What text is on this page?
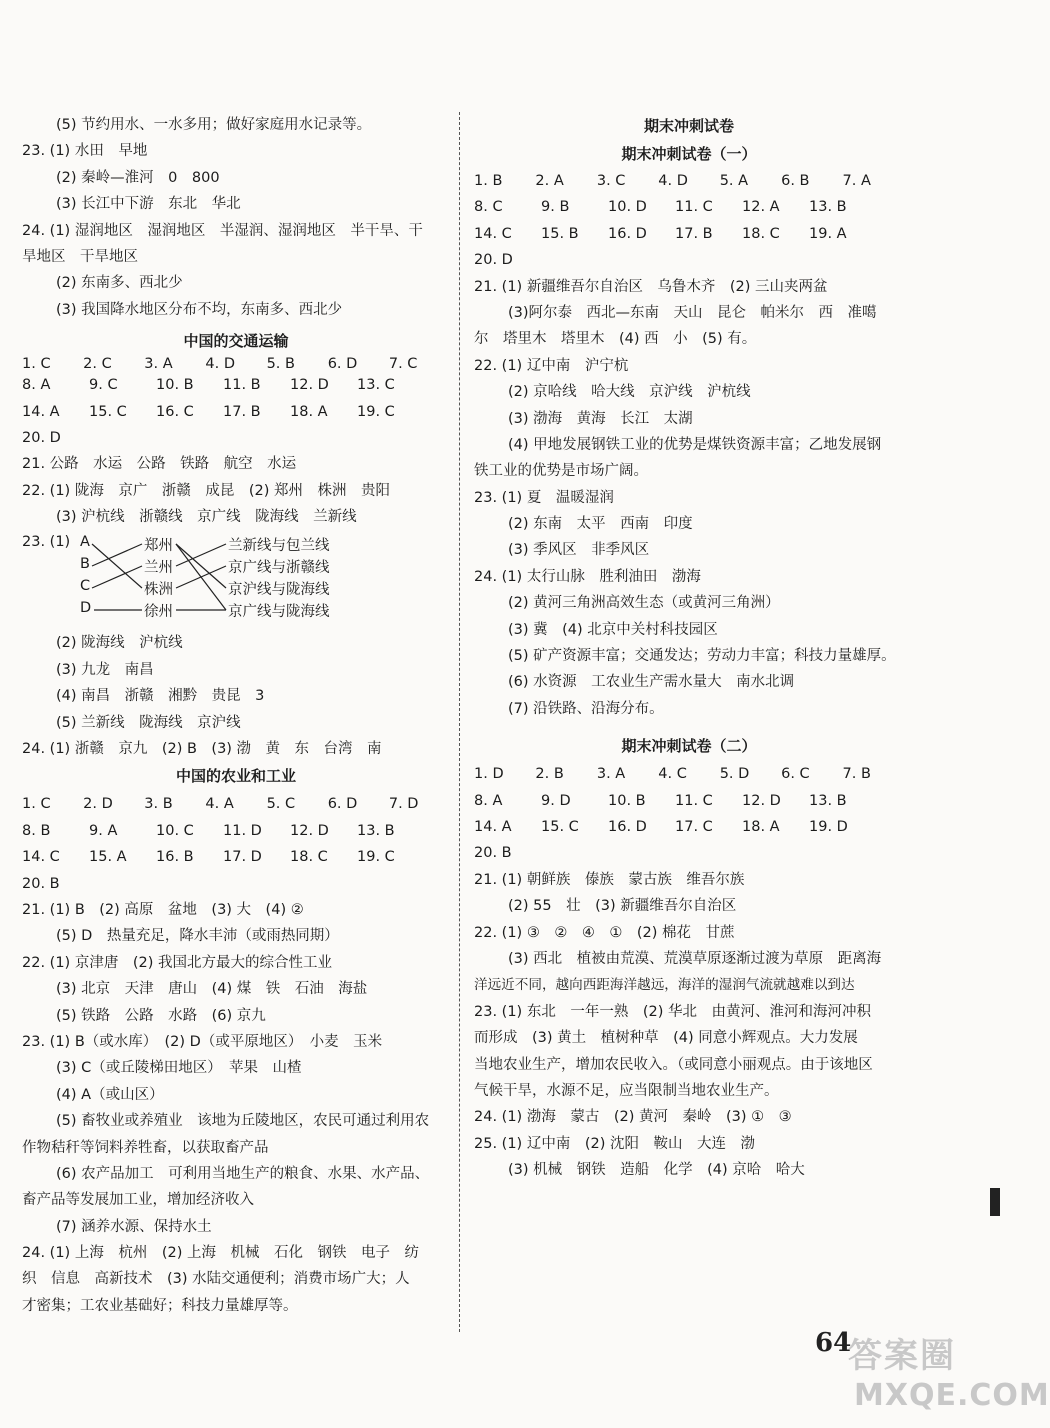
(5) 节约用水、一水多用；做好家庭用水记录等。
23. (1) 水田　早地
(2) 秦岭—淮河　0　800
(3) 长江中下游　东北　华北
24. (1) 湿润地区　湿润地区　半湿润、湿润地区　半干旱、干
旱地区　干旱地区
(2) 东南多、西北少
(3) 我国降水地区分布不均，东南多、西北少
中国的交通运输
1. C	2. C	3. A	4. D	5. B	6. D	7. C
8. A	9. C	10. B	11. B	12. D	13. C
14. A	15. C	16. C	17. B	18. A	19. C
20. D
21. 公路　水运　公路　铁路　航空　水运
22. (1) 陇海　京广　浙赣　成昆　(2) 郑州　株洲　贵阳
(3) 沪杭线　浙赣线　京广线　陇海线　兰新线
23. (1) A
B
C
D
郑州
兰州
株洲
徐州
兰新线与包兰线
京广线与浙赣线
京沪线与陇海线
京广线与陇海线
(2) 陇海线　沪杭线
(3) 九龙　南昌
(4) 南昌　浙赣　湘黔　贵昆　3
(5) 兰新线　陇海线　京沪线
24. (1) 浙赣　京九　(2) B　(3) 渤　黄　东　台湾　南
中国的农业和工业
1. C	2. D	3. B	4. A	5. C	6. D	7. D
8. B	9. A	10. C	11. D	12. D	13. B
14. C	15. A	16. B	17. D	18. C	19. C
20. B
21. (1) B　(2) 高原　盆地　(3) 大　(4) ②
(5) D　热量充足，降水丰沛（或雨热同期）
22. (1) 京津唐　(2) 我国北方最大的综合性工业
(3) 北京　天津　唐山　(4) 煤　铁　石油　海盐
(5) 铁路　公路　水路　(6) 京九
23. (1) B（或水库）　(2) D（或平原地区）　小麦　玉米
(3) C（或丘陵梯田地区）　苹果　山楂
(4) A（或山区）
(5) 畜牧业或养殖业　该地为丘陵地区，农民可通过利用农
作物秸秆等饲料养牲畜，以获取畜产品
(6) 农产品加工　可利用当地生产的粮食、水果、水产品、
畜产品等发展加工业，增加经济收入
(7) 涵养水源、保持水土
24. (1) 上海　杭州　(2) 上海　机械　石化　钢铁　电子　纺
织　信息　高新技术　(3) 水陆交通便利；消费市场广大；人
才密集；工农业基础好；科技力量雄厚等。
期末冲刺试卷
期末冲刺试卷（一）
1. B	2. A	3. C	4. D	5. A	6. B	7. A
8. C	9. B	10. D	11. C	12. A	13. B
14. C	15. B	16. D	17. B	18. C	19. A
20. D
21. (1) 新疆维吾尔自治区　乌鲁木齐　(2) 三山夹两盆
(3)阿尔泰　西北—东南　天山　昆仑　帕米尔　西　准噶
尔　塔里木　塔里木　(4) 西　小　(5) 有。
22. (1) 辽中南　沪宁杭
(2) 京哈线　哈大线　京沪线　沪杭线
(3) 渤海　黄海　长江　太湖
(4) 甲地发展钢铁工业的优势是煤铁资源丰富；乙地发展钢
铁工业的优势是市场广阔。
23. (1) 夏　温暖湿润
(2) 东南　太平　西南　印度
(3) 季风区　非季风区
24. (1) 太行山脉　胜利油田　渤海
(2) 黄河三角洲高效生态（或黄河三角洲）
(3) 冀　(4) 北京中关村科技园区
(5) 矿产资源丰富；交通发达；劳动力丰富；科技力量雄厚。
(6) 水资源　工农业生产需水量大　南水北调
(7) 沿铁路、沿海分布。
期末冲刺试卷（二）
1. D	2. B	3. A	4. C	5. D	6. C	7. B
8. A	9. D	10. B	11. C	12. D	13. B
14. A	15. C	16. D	17. C	18. A	19. D
20. B
21. (1) 朝鲜族　傣族　蒙古族　维吾尔族
(2) 55　壮　(3) 新疆维吾尔自治区
22. (1) ③　②　④　①　(2) 棉花　甘蔗
(3) 西北　植被由荒漠、荒漠草原逐渐过渡为草原　距离海
洋远近不同，越向西距海洋越远，海洋的湿润气流就越难以到达
23. (1) 东北　一年一熟　(2) 华北　由黄河、淮河和海河冲积
而形成　(3) 黄土　植树种草　(4) 同意小辉观点。大力发展
当地农业生产，增加农民收入。（或同意小丽观点。由于该地区
气候干旱，水源不足，应当限制当地农业生产。
24. (1) 渤海　蒙古　(2) 黄河　秦岭　(3) ①　③
25. (1) 辽中南　(2) 沈阳　鞍山　大连　渤
(3) 机械　钢铁　造船　化学　(4) 京哈　哈大
64
答案圈
MXQE.COM
